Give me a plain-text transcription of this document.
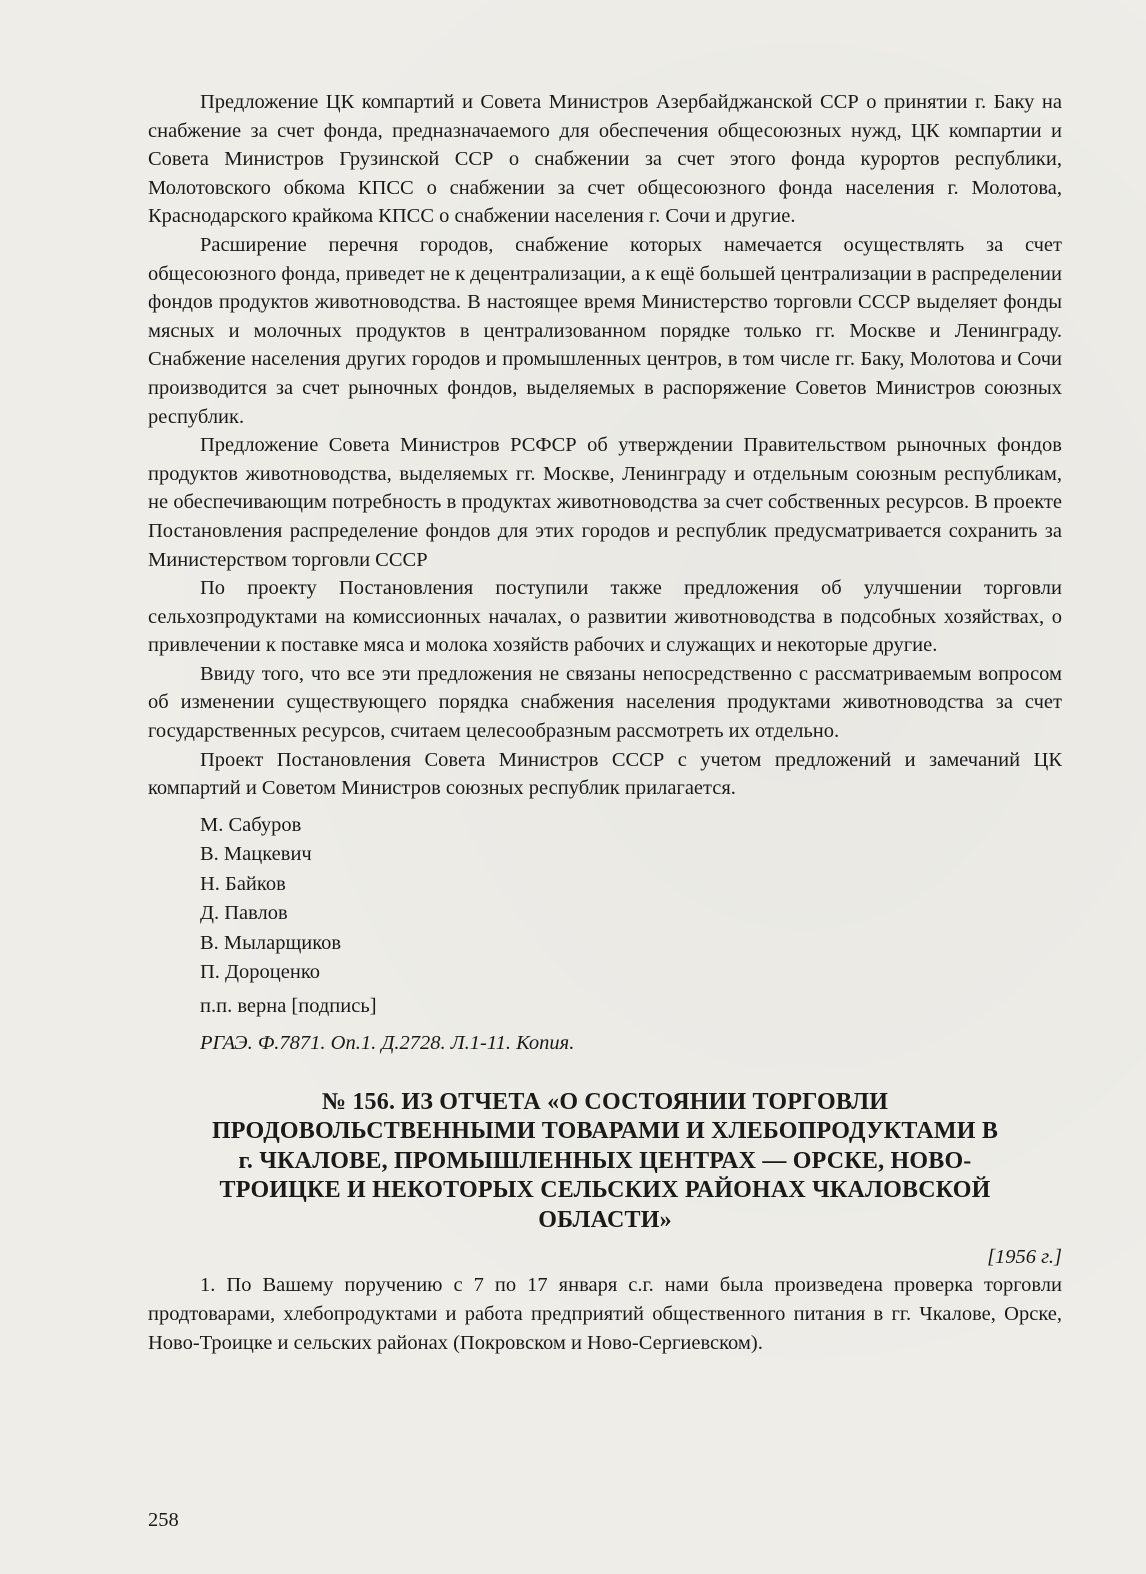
Предложение ЦК компартий и Совета Министров Азербайджанской ССР о принятии г. Баку на снабжение за счет фонда, предназначаемого для обеспечения общесоюзных нужд, ЦК компартии и Совета Министров Грузинской ССР о снабжении за счет этого фонда курортов республики, Молотовского обкома КПСС о снабжении за счет общесоюзного фонда населения г. Молотова, Краснодарского крайкома КПСС о снабжении населения г. Сочи и другие.

Расширение перечня городов, снабжение которых намечается осуществлять за счет общесоюзного фонда, приведет не к децентрализации, а к ещё большей централизации в распределении фондов продуктов животноводства. В настоящее время Министерство торговли СССР выделяет фонды мясных и молочных продуктов в централизованном порядке только гг. Москве и Ленинграду. Снабжение населения других городов и промышленных центров, в том числе гг. Баку, Молотова и Сочи производится за счет рыночных фондов, выделяемых в распоряжение Советов Министров союзных республик.

Предложение Совета Министров РСФСР об утверждении Правительством рыночных фондов продуктов животноводства, выделяемых гг. Москве, Ленинграду и отдельным союзным республикам, не обеспечивающим потребность в продуктах животноводства за счет собственных ресурсов. В проекте Постановления распределение фондов для этих городов и республик предусматривается сохранить за Министерством торговли СССР

По проекту Постановления поступили также предложения об улучшении торговли сельхозпродуктами на комиссионных началах, о развитии животноводства в подсобных хозяйствах, о привлечении к поставке мяса и молока хозяйств рабочих и служащих и некоторые другие.

Ввиду того, что все эти предложения не связаны непосредственно с рассматриваемым вопросом об изменении существующего порядка снабжения населения продуктами животноводства за счет государственных ресурсов, считаем целесообразным рассмотреть их отдельно.

Проект Постановления Совета Министров СССР с учетом предложений и замечаний ЦК компартий и Советом Министров союзных республик прилагается.

М. Сабуров
В. Мацкевич
Н. Байков
Д. Павлов
В. Мыларщиков
П. Дороценко
п.п. верна [подпись]
РГАЭ. Ф.7871. Оп.1. Д.2728. Л.1-11. Копия.
№ 156. ИЗ ОТЧЕТА «О СОСТОЯНИИ ТОРГОВЛИ ПРОДОВОЛЬСТВЕННЫМИ ТОВАРАМИ И ХЛЕБОПРОДУКТАМИ В г. ЧКАЛОВЕ, ПРОМЫШЛЕННЫХ ЦЕНТРАХ — ОРСКЕ, НОВО-ТРОИЦКЕ И НЕКОТОРЫХ СЕЛЬСКИХ РАЙОНАХ ЧКАЛОВСКОЙ ОБЛАСТИ»
[1956 г.]

1. По Вашему поручению с 7 по 17 января с.г. нами была произведена проверка торговли продтоварами, хлебопродуктами и работа предприятий общественного питания в гг. Чкалове, Орске, Ново-Троицке и сельских районах (Покровском и Ново-Сергиевском).

258
